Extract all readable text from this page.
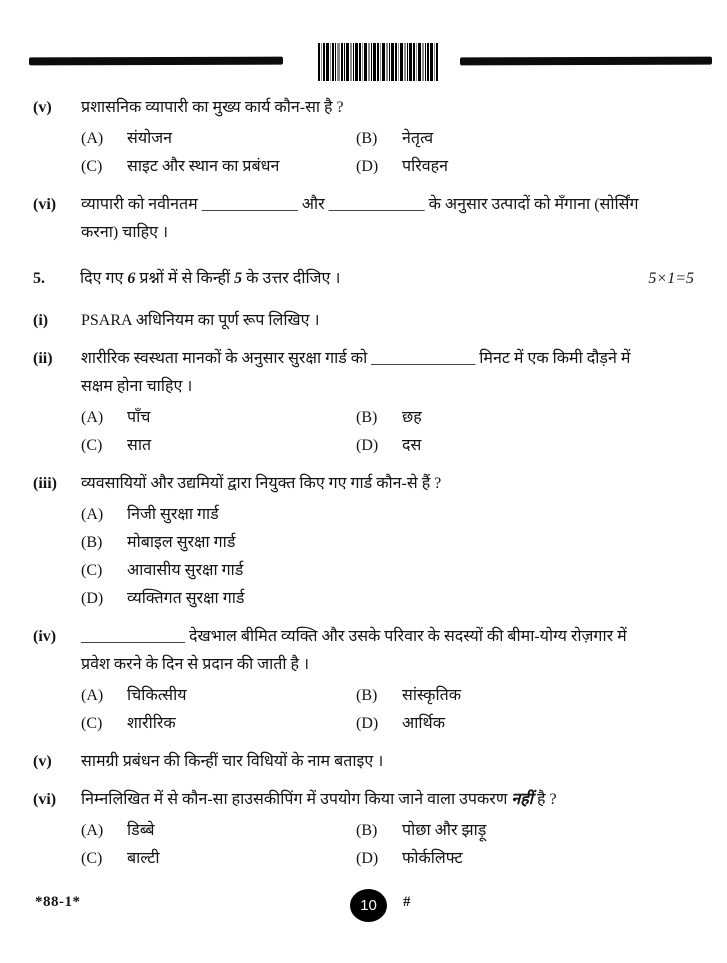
(v)	प्रशासनिक व्यापारी का मुख्य कार्य कौन-सा है ?
(A) संयोजन	(B) नेतृत्व
(C) साइट और स्थान का प्रबंधन	(D) परिवहन
(vi)	व्यापारी को नवीनतम ____________ और ____________ के अनुसार उत्पादों को मँगाना (सोर्सिंग करना) चाहिए ।
5.	दिए गए 6 प्रश्नों में से किन्हीं 5 के उत्तर दीजिए ।	5×1=5
(i)	PSARA अधिनियम का पूर्ण रूप लिखिए ।
(ii)	शारीरिक स्वस्थता मानकों के अनुसार सुरक्षा गार्ड को _____________ मिनट में एक किमी दौड़ने में सक्षम होना चाहिए ।
(A) पाँच	(B) छह
(C) सात	(D) दस
(iii)	व्यवसायियों और उद्यमियों द्वारा नियुक्त किए गए गार्ड कौन-से हैं ?
(A) निजी सुरक्षा गार्ड
(B) मोबाइल सुरक्षा गार्ड
(C) आवासीय सुरक्षा गार्ड
(D) व्यक्तिगत सुरक्षा गार्ड
(iv)	_____________ देखभाल बीमित व्यक्ति और उसके परिवार के सदस्यों की बीमा-योग्य रोज़गार में प्रवेश करने के दिन से प्रदान की जाती है ।
(A) चिकित्सीय	(B) सांस्कृतिक
(C) शारीरिक	(D) आर्थिक
(v)	सामग्री प्रबंधन की किन्हीं चार विधियों के नाम बताइए ।
(vi)	निम्नलिखित में से कौन-सा हाउसकीपिंग में उपयोग किया जाने वाला उपकरण नहीं है ?
(A) डिब्बे	(B) पोछा और झाड़ू
(C) बाल्टी	(D) फोर्कलिफ्ट
*88-1*	10	#
